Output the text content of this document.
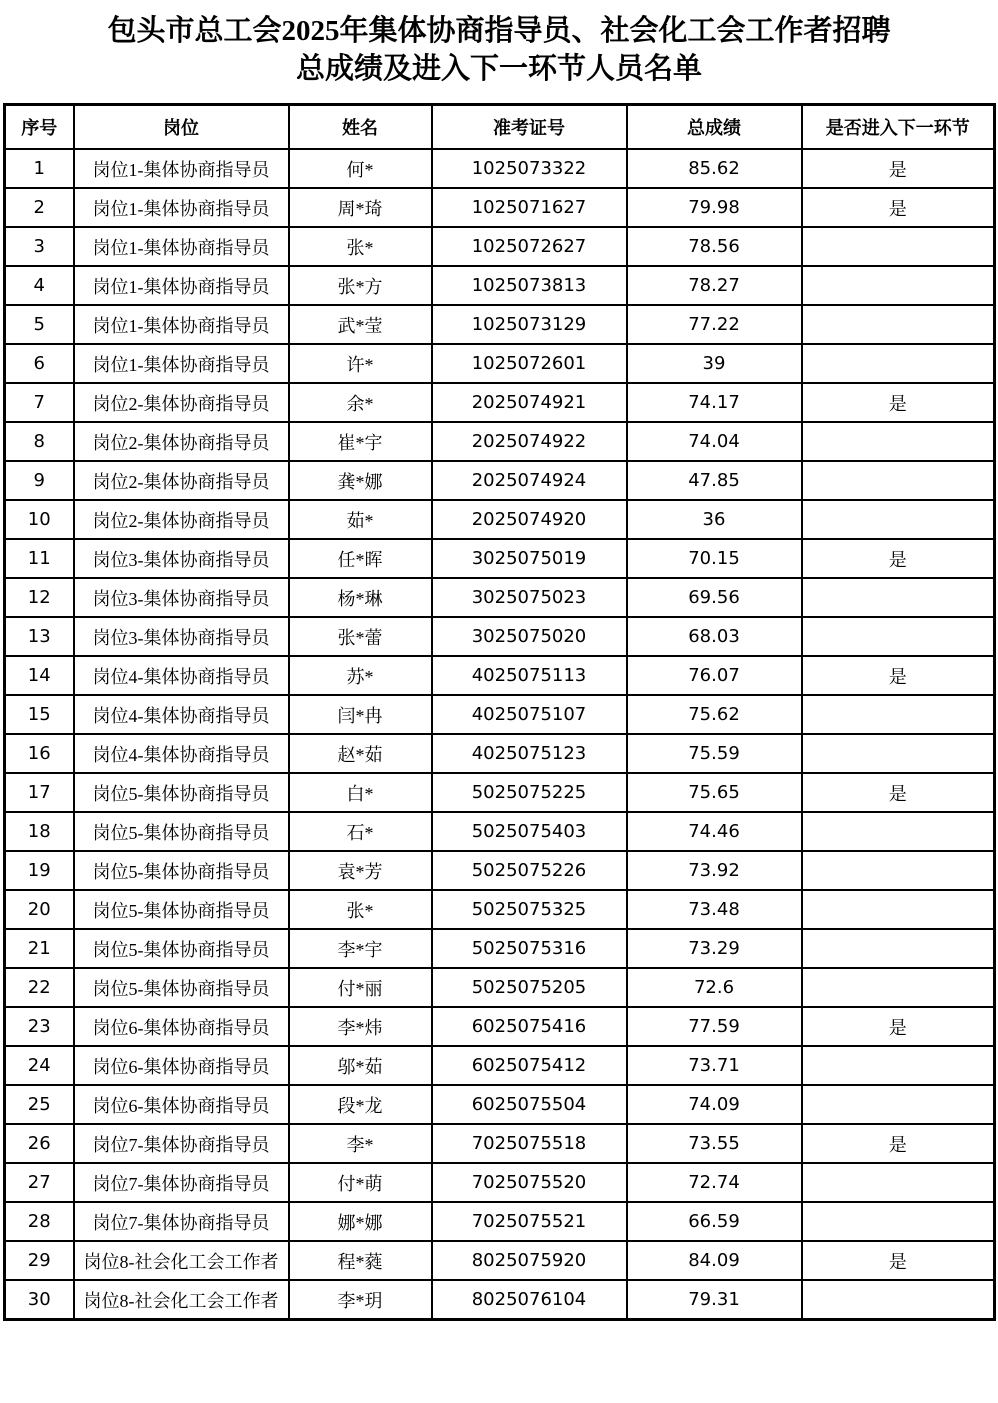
包头市总工会2025年集体协商指导员、社会化工会工作者招聘
总成绩及进入下一环节人员名单
序号	岗位	姓名	准考证号	总成绩	是否进入下一环节
1	岗位1-集体协商指导员	何*	1025073322	85.62	是
2	岗位1-集体协商指导员	周*琦	1025071627	79.98	是
3	岗位1-集体协商指导员	张*	1025072627	78.56	
4	岗位1-集体协商指导员	张*方	1025073813	78.27	
5	岗位1-集体协商指导员	武*莹	1025073129	77.22	
6	岗位1-集体协商指导员	许*	1025072601	39	
7	岗位2-集体协商指导员	余*	2025074921	74.17	是
8	岗位2-集体协商指导员	崔*宇	2025074922	74.04	
9	岗位2-集体协商指导员	龚*娜	2025074924	47.85	
10	岗位2-集体协商指导员	茹*	2025074920	36	
11	岗位3-集体协商指导员	任*晖	3025075019	70.15	是
12	岗位3-集体协商指导员	杨*琳	3025075023	69.56	
13	岗位3-集体协商指导员	张*蕾	3025075020	68.03	
14	岗位4-集体协商指导员	苏*	4025075113	76.07	是
15	岗位4-集体协商指导员	闫*冉	4025075107	75.62	
16	岗位4-集体协商指导员	赵*茹	4025075123	75.59	
17	岗位5-集体协商指导员	白*	5025075225	75.65	是
18	岗位5-集体协商指导员	石*	5025075403	74.46	
19	岗位5-集体协商指导员	袁*芳	5025075226	73.92	
20	岗位5-集体协商指导员	张*	5025075325	73.48	
21	岗位5-集体协商指导员	李*宇	5025075316	73.29	
22	岗位5-集体协商指导员	付*丽	5025075205	72.6	
23	岗位6-集体协商指导员	李*炜	6025075416	77.59	是
24	岗位6-集体协商指导员	邬*茹	6025075412	73.71	
25	岗位6-集体协商指导员	段*龙	6025075504	74.09	
26	岗位7-集体协商指导员	李*	7025075518	73.55	是
27	岗位7-集体协商指导员	付*萌	7025075520	72.74	
28	岗位7-集体协商指导员	娜*娜	7025075521	66.59	
29	岗位8-社会化工会工作者	程*蕤	8025075920	84.09	是
30	岗位8-社会化工会工作者	李*玥	8025076104	79.31	
